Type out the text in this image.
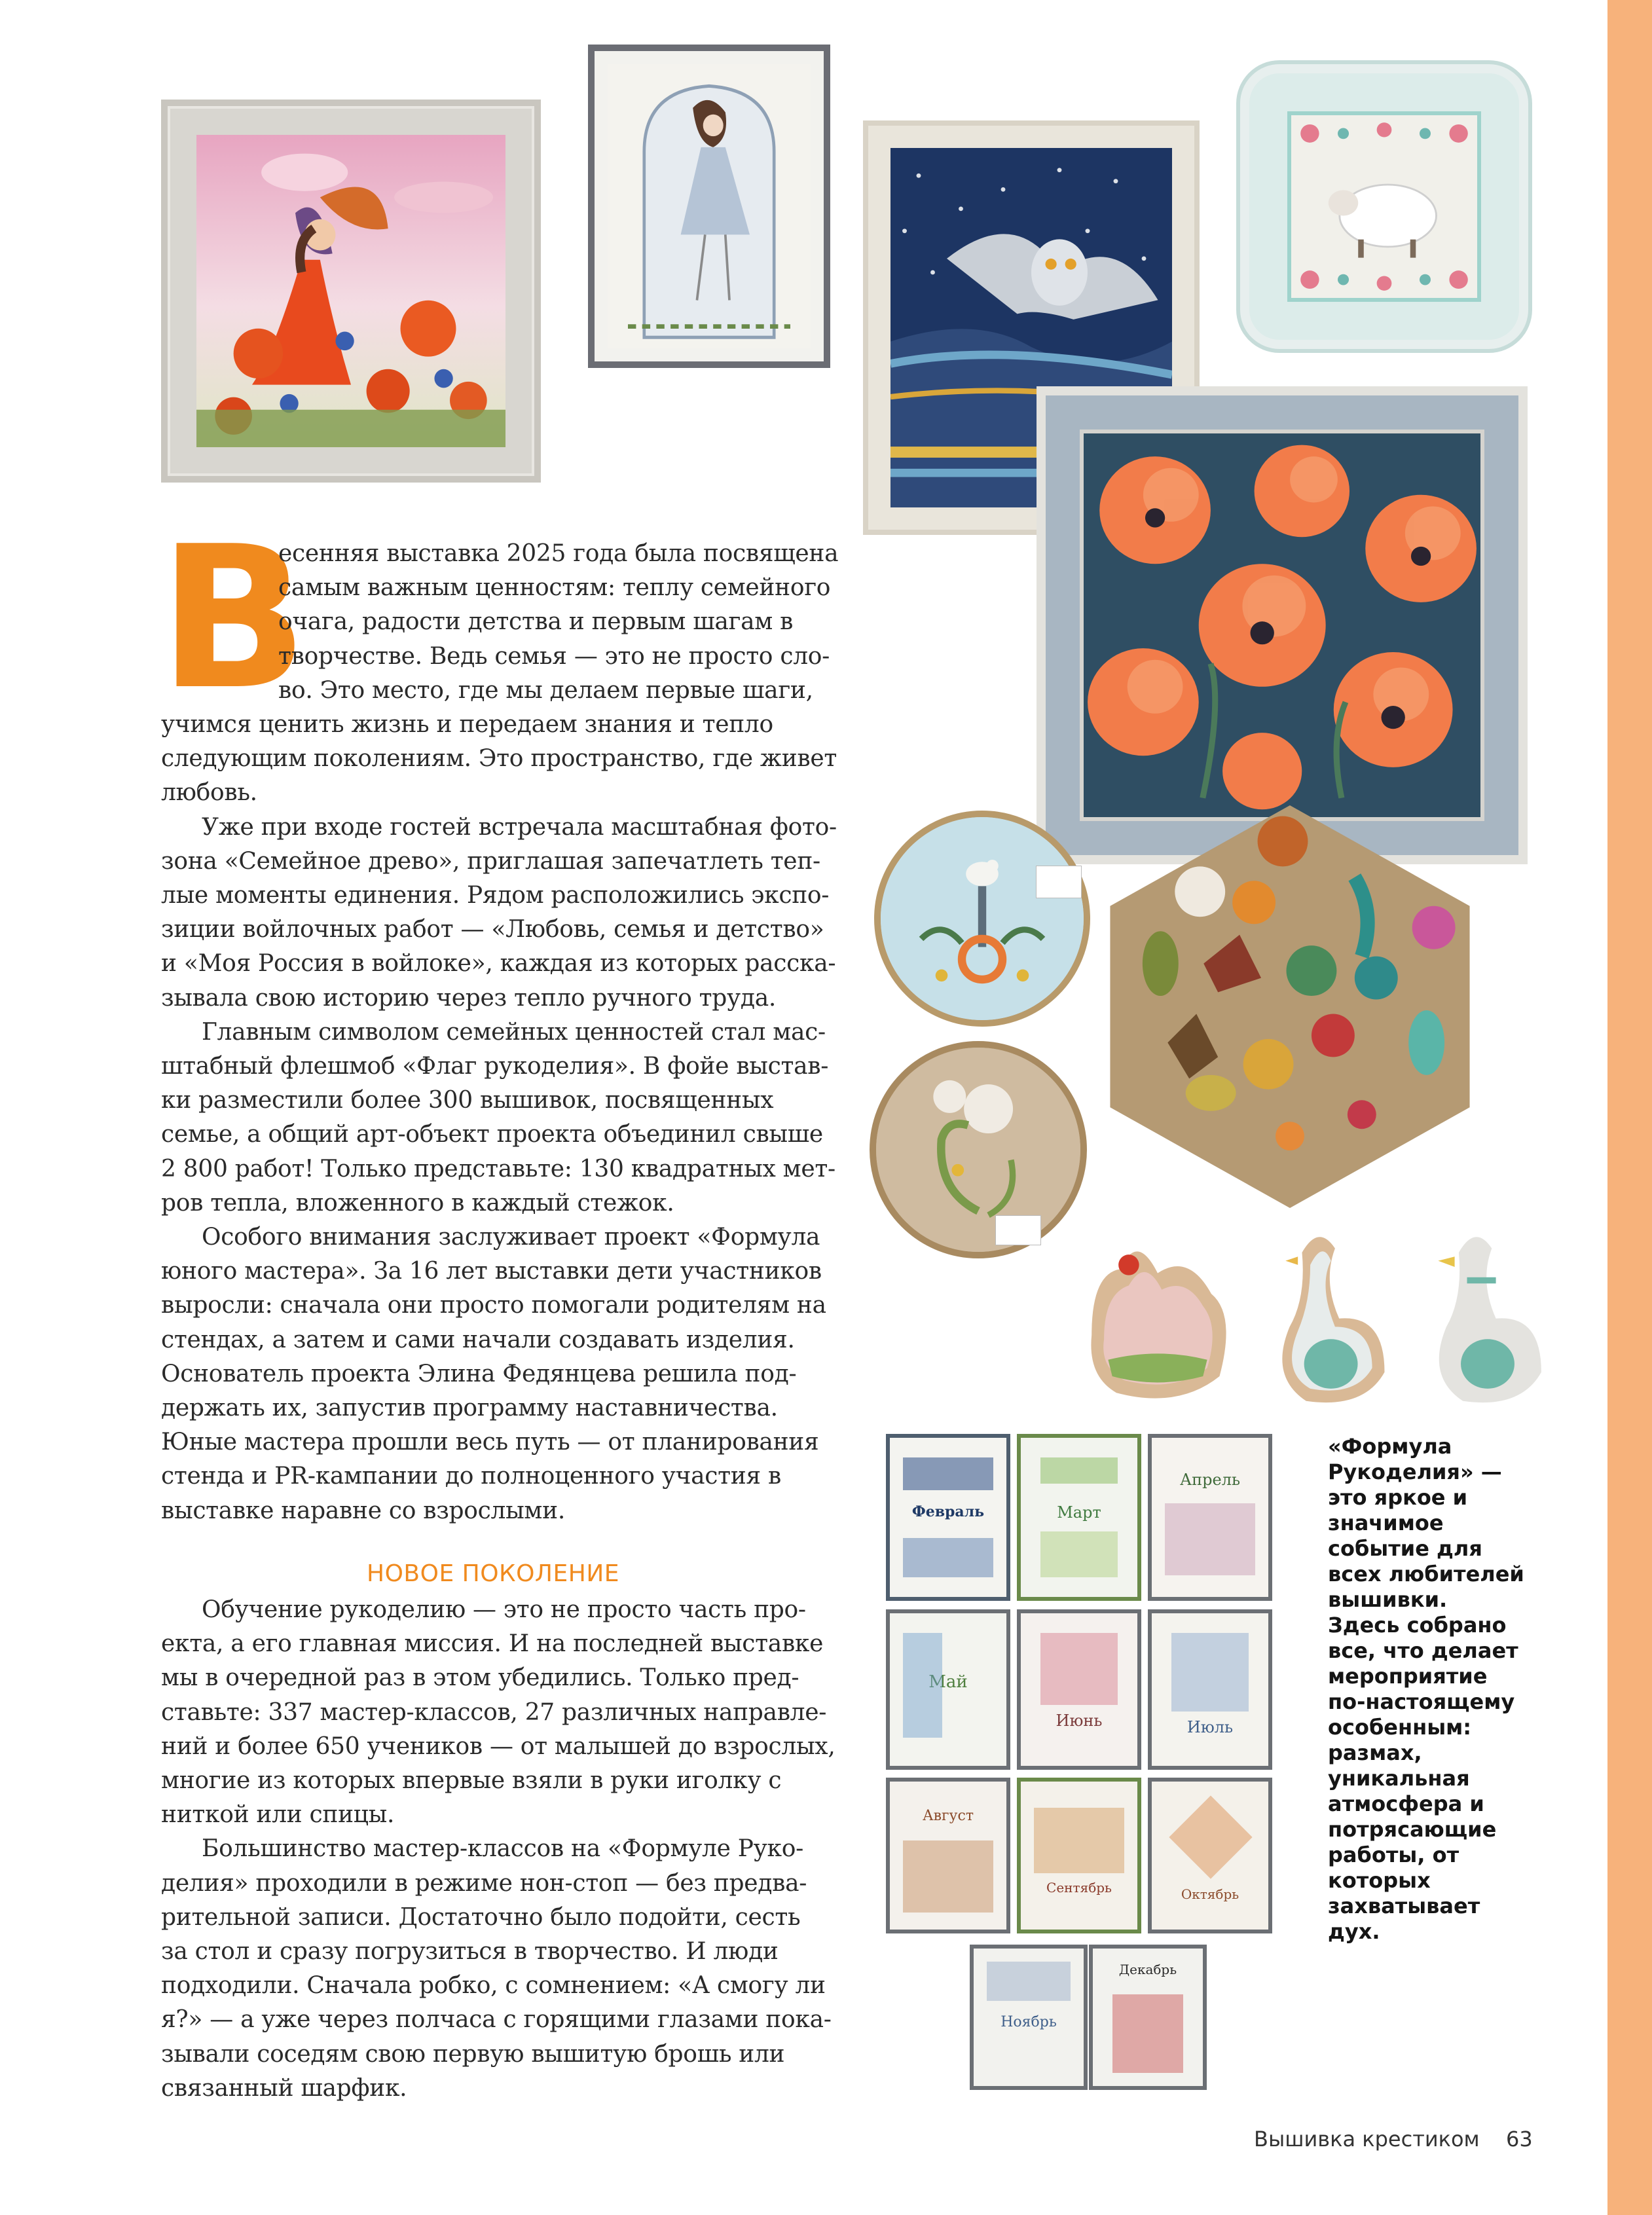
Февраль	Март
Апрель
Май
Июнь	Июль
Август
Сентябрь	Октябрь
Ноябрь
Декабрь
В
есенняя выставка 2025 года была посвящена
самым важным ценностям: теплу семейного
очага, радости детства и первым шагам в
творчестве. Ведь семья — это не просто сло-
во. Это место, где мы делаем первые шаги,
учимся ценить жизнь и передаем знания и тепло
следующим поколениям. Это пространство, где живет
любовь.
Уже при входе гостей встречала масштабная фото-
зона «Семейное древо», приглашая запечатлеть теп-
лые моменты единения. Рядом расположились экспо-
зиции войлочных работ — «Любовь, семья и детство»
и «Моя Россия в войлоке», каждая из которых расска-
зывала свою историю через тепло ручного труда.
Главным символом семейных ценностей стал мас-
штабный флешмоб «Флаг рукоделия». В фойе выстав-
ки разместили более 300 вышивок, посвященных
семье, а общий арт-объект проекта объединил свыше
2 800 работ! Только представьте: 130 квадратных мет-
ров тепла, вложенного в каждый стежок.
Особого внимания заслуживает проект «Формула
юного мастера». За 16 лет выставки дети участников
выросли: сначала они просто помогали родителям на
стендах, а затем и сами начали создавать изделия.
Основатель проекта Элина Федянцева решила под-
держать их, запустив программу наставничества.
Юные мастера прошли весь путь — от планирования
стенда и PR-кампании до полноценного участия в
выставке наравне со взрослыми.
НОВОЕ ПОКОЛЕНИЕ
Обучение рукоделию — это не просто часть про-
екта, а его главная миссия. И на последней выставке
мы в очередной раз в этом убедились. Только пред-
ставьте: 337 мастер-классов, 27 различных направле-
ний и более 650 учеников — от малышей до взрослых,
многие из которых впервые взяли в руки иголку с
ниткой или спицы.
Большинство мастер-классов на «Формуле Руко-
делия» проходили в режиме нон-стоп — без предва-
рительной записи. Достаточно было подойти, сесть
за стол и сразу погрузиться в творчество. И люди
подходили. Сначала робко, с сомнением: «А смогу ли
я?» — а уже через полчаса с горящими глазами пока-
зывали соседям свою первую вышитую брошь или
связанный шарфик.
«Формула
Рукоделия» —
это яркое и
значимое
событие для
всех любителей
вышивки.
Здесь собрано
все, что делает
мероприятие
по-настоящему
особенным:
размах,
уникальная
атмосфера и
потрясающие
работы, от
которых
захватывает
дух.
Вышивка крестиком 63
